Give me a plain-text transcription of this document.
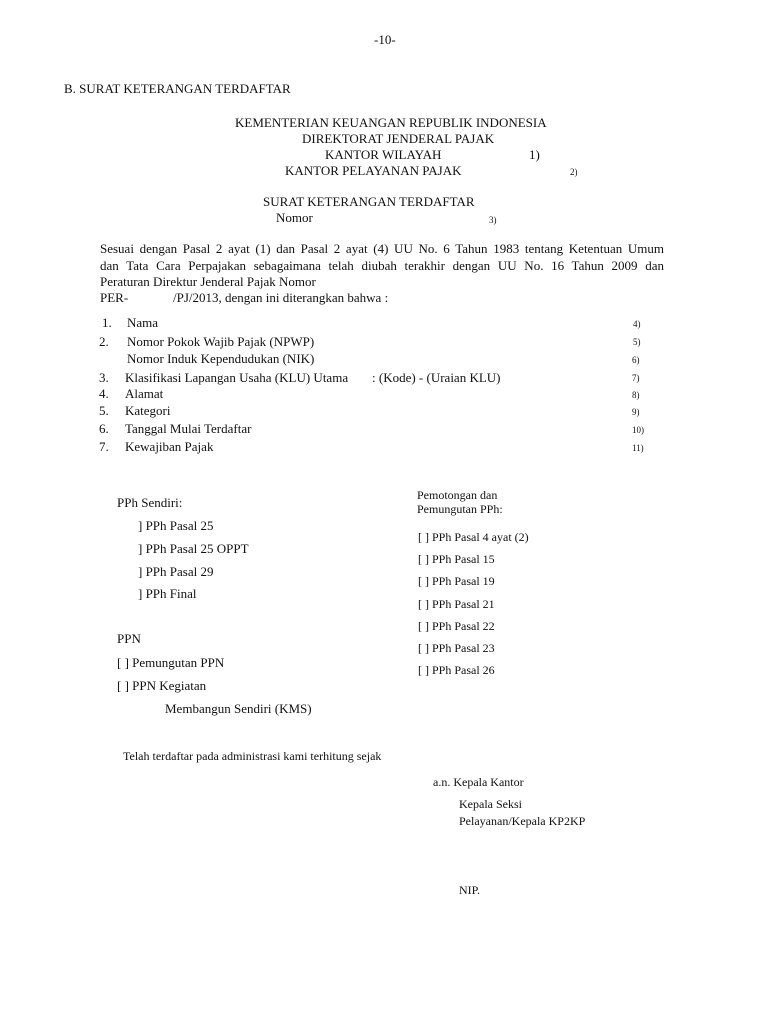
-10-
B. SURAT KETERANGAN TERDAFTAR
KEMENTERIAN KEUANGAN REPUBLIK INDONESIA
DIREKTORAT JENDERAL PAJAK
KANTOR WILAYAH	1)
KANTOR PELAYANAN PAJAK	2)
SURAT KETERANGAN TERDAFTAR
Nomor	3)
Sesuai dengan Pasal 2 ayat (1) dan Pasal 2 ayat (4) UU No. 6 Tahun 1983 tentang Ketentuan Umum
dan Tata Cara Perpajakan sebagaimana telah diubah terakhir dengan UU No. 16 Tahun 2009 dan
Peraturan Direktur Jenderal Pajak Nomor
PER-	/PJ/2013, dengan ini diterangkan bahwa :
1. Nama	4)
2. Nomor Pokok Wajib Pajak (NPWP)	5)
Nomor Induk Kependudukan (NIK)	6)
3. Klasifikasi Lapangan Usaha (KLU) Utama : (Kode) - (Uraian KLU)	7)
4. Alamat	8)
5. Kategori	9)
6. Tanggal Mulai Terdaftar	10)
7. Kewajiban Pajak	11)
PPh Sendiri:
] PPh Pasal 25
] PPh Pasal 25 OPPT
] PPh Pasal 29
] PPh Final
PPN
[ ] Pemungutan PPN
[ ] PPN Kegiatan
Membangun Sendiri (KMS)
Pemotongan dan
Pemungutan PPh:
[ ] PPh Pasal 4 ayat (2)
[ ] PPh Pasal 15
[ ] PPh Pasal 19
[ ] PPh Pasal 21
[ ] PPh Pasal 22
[ ] PPh Pasal 23
[ ] PPh Pasal 26
Telah terdaftar pada administrasi kami terhitung sejak
a.n. Kepala Kantor
Kepala Seksi
Pelayanan/Kepala KP2KP
NIP.
